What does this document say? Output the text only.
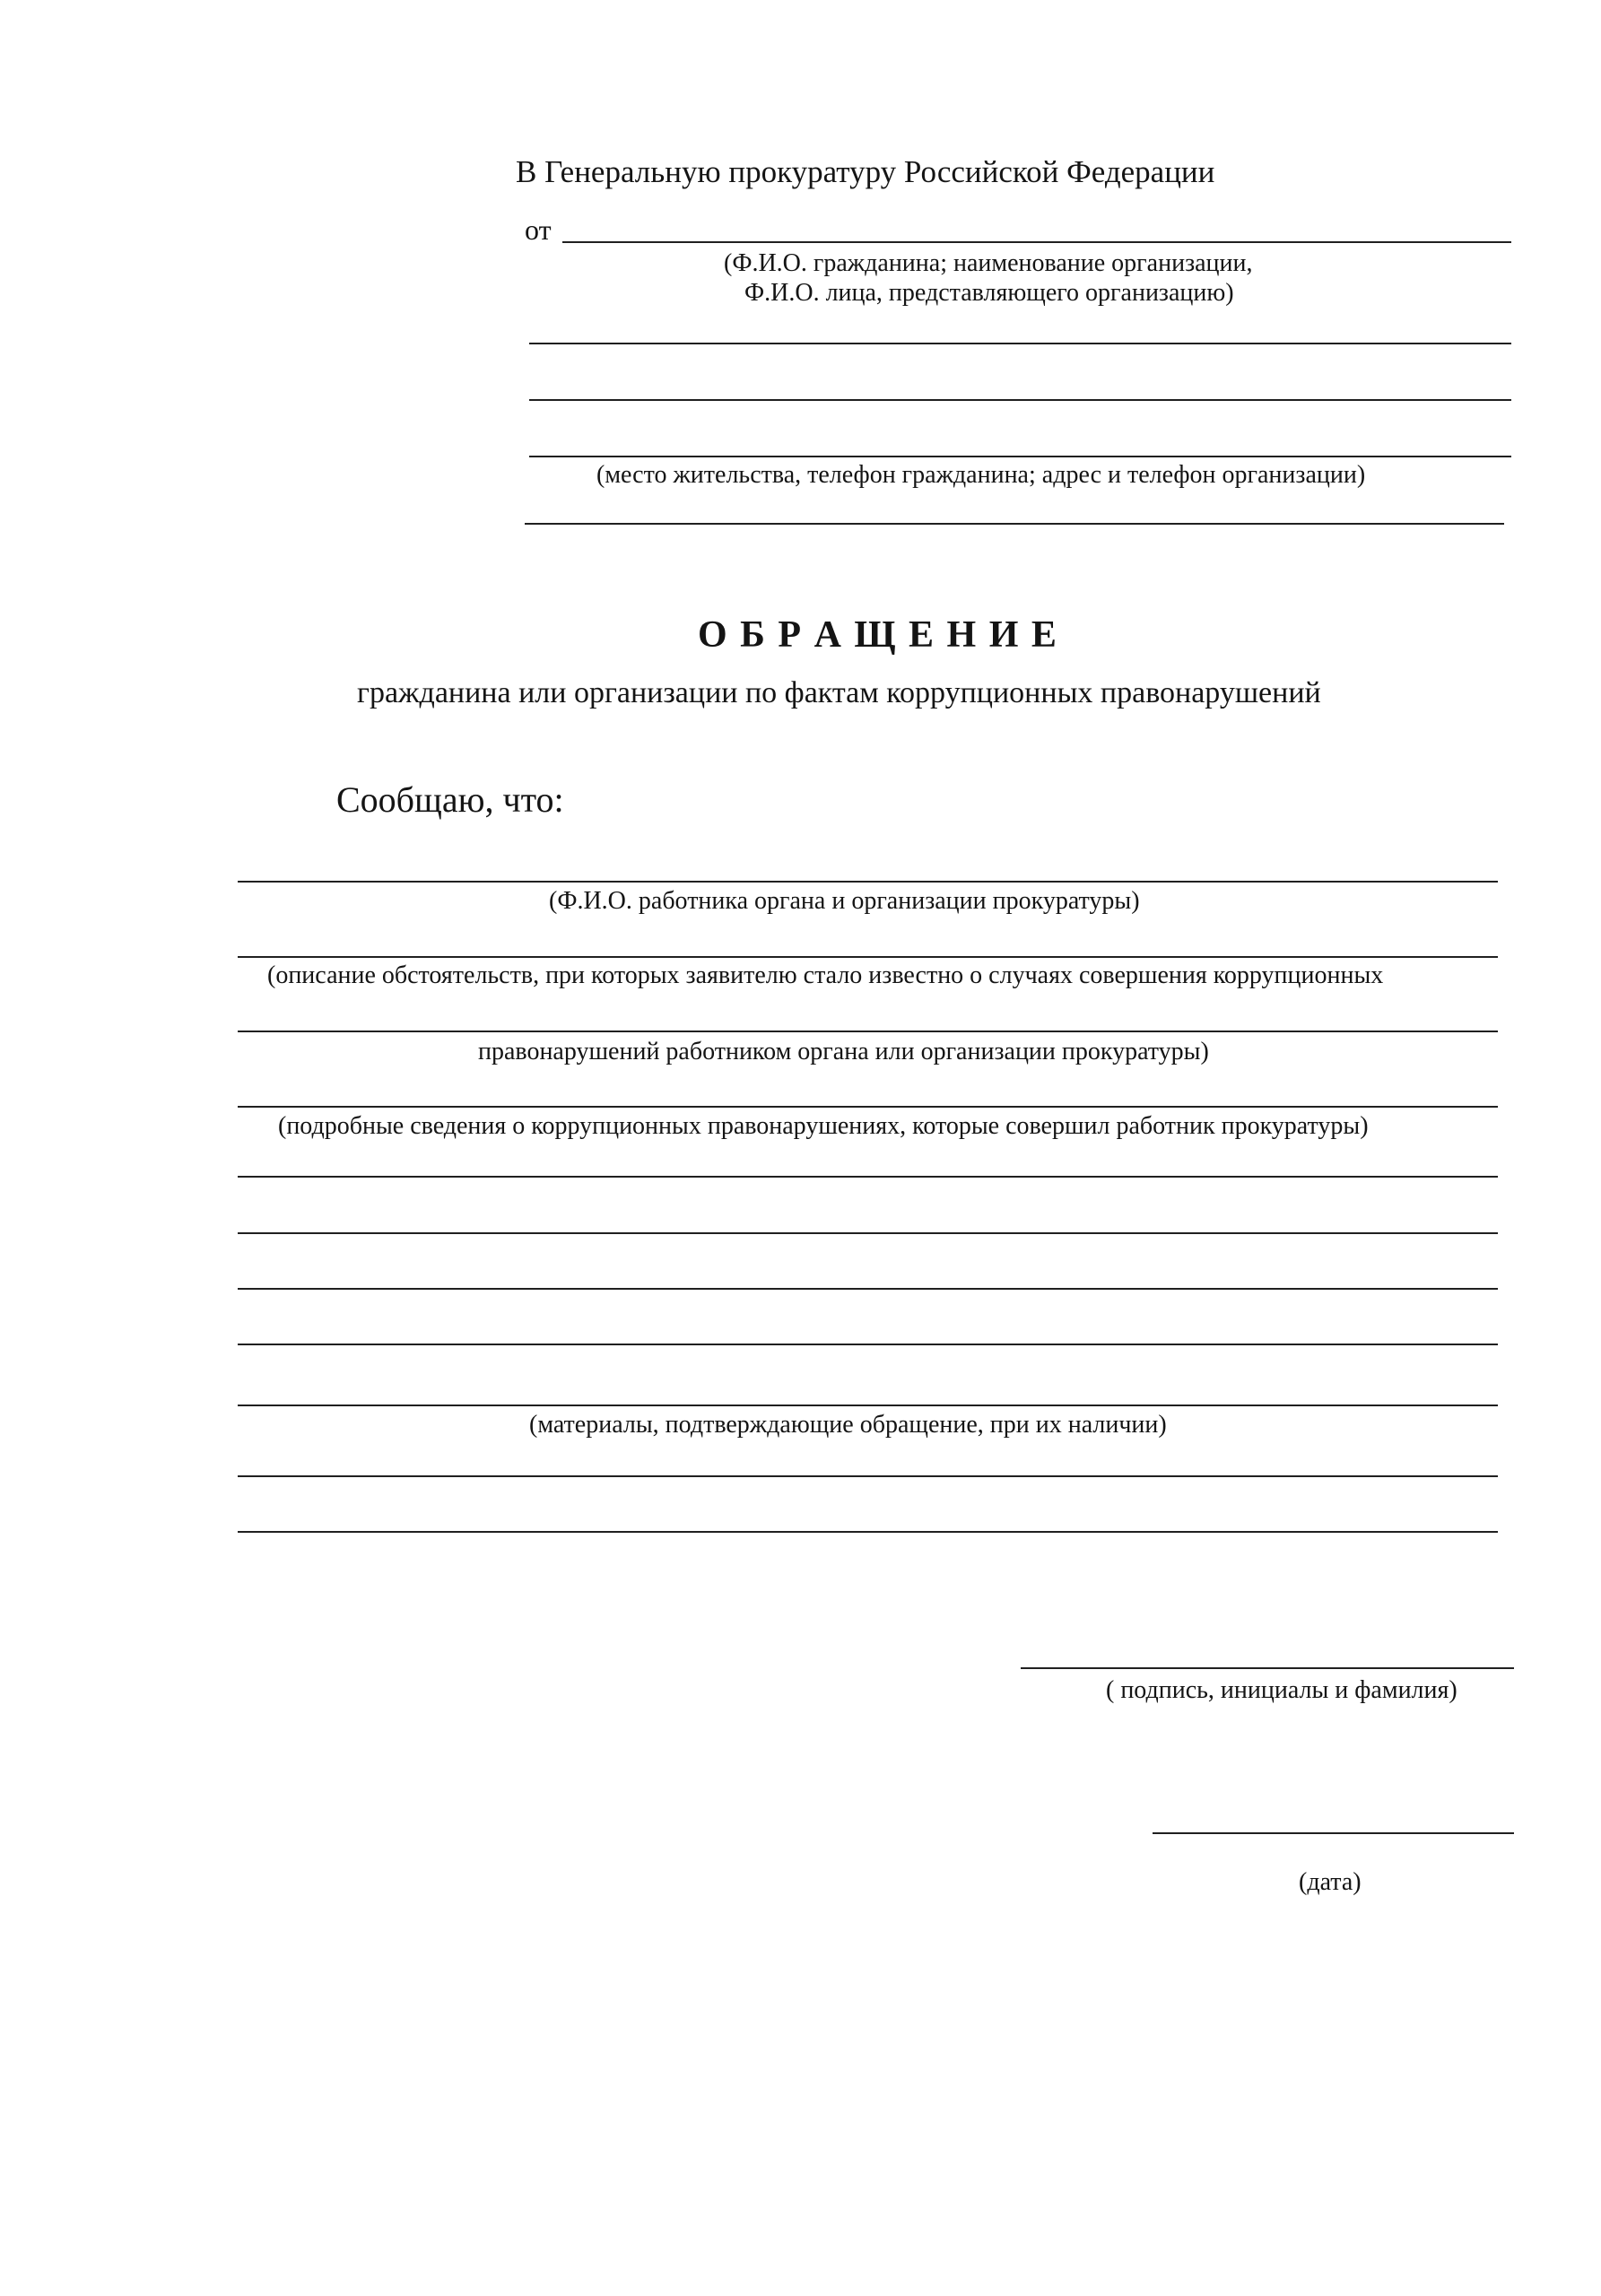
В Генеральную прокуратуру Российской Федерации
от
(Ф.И.О. гражданина; наименование организации,
Ф.И.О. лица, представляющего организацию)
(место жительства, телефон гражданина; адрес и телефон организации)
О Б Р А Щ Е Н И Е
гражданина или организации по фактам коррупционных правонарушений
Сообщаю, что:
(Ф.И.О. работника органа и организации прокуратуры)
(описание обстоятельств, при которых заявителю стало известно о случаях совершения коррупционных
правонарушений работником органа или организации прокуратуры)
(подробные сведения о коррупционных правонарушениях, которые совершил работник прокуратуры)
(материалы, подтверждающие обращение, при их наличии)
( подпись, инициалы и фамилия)
(дата)
